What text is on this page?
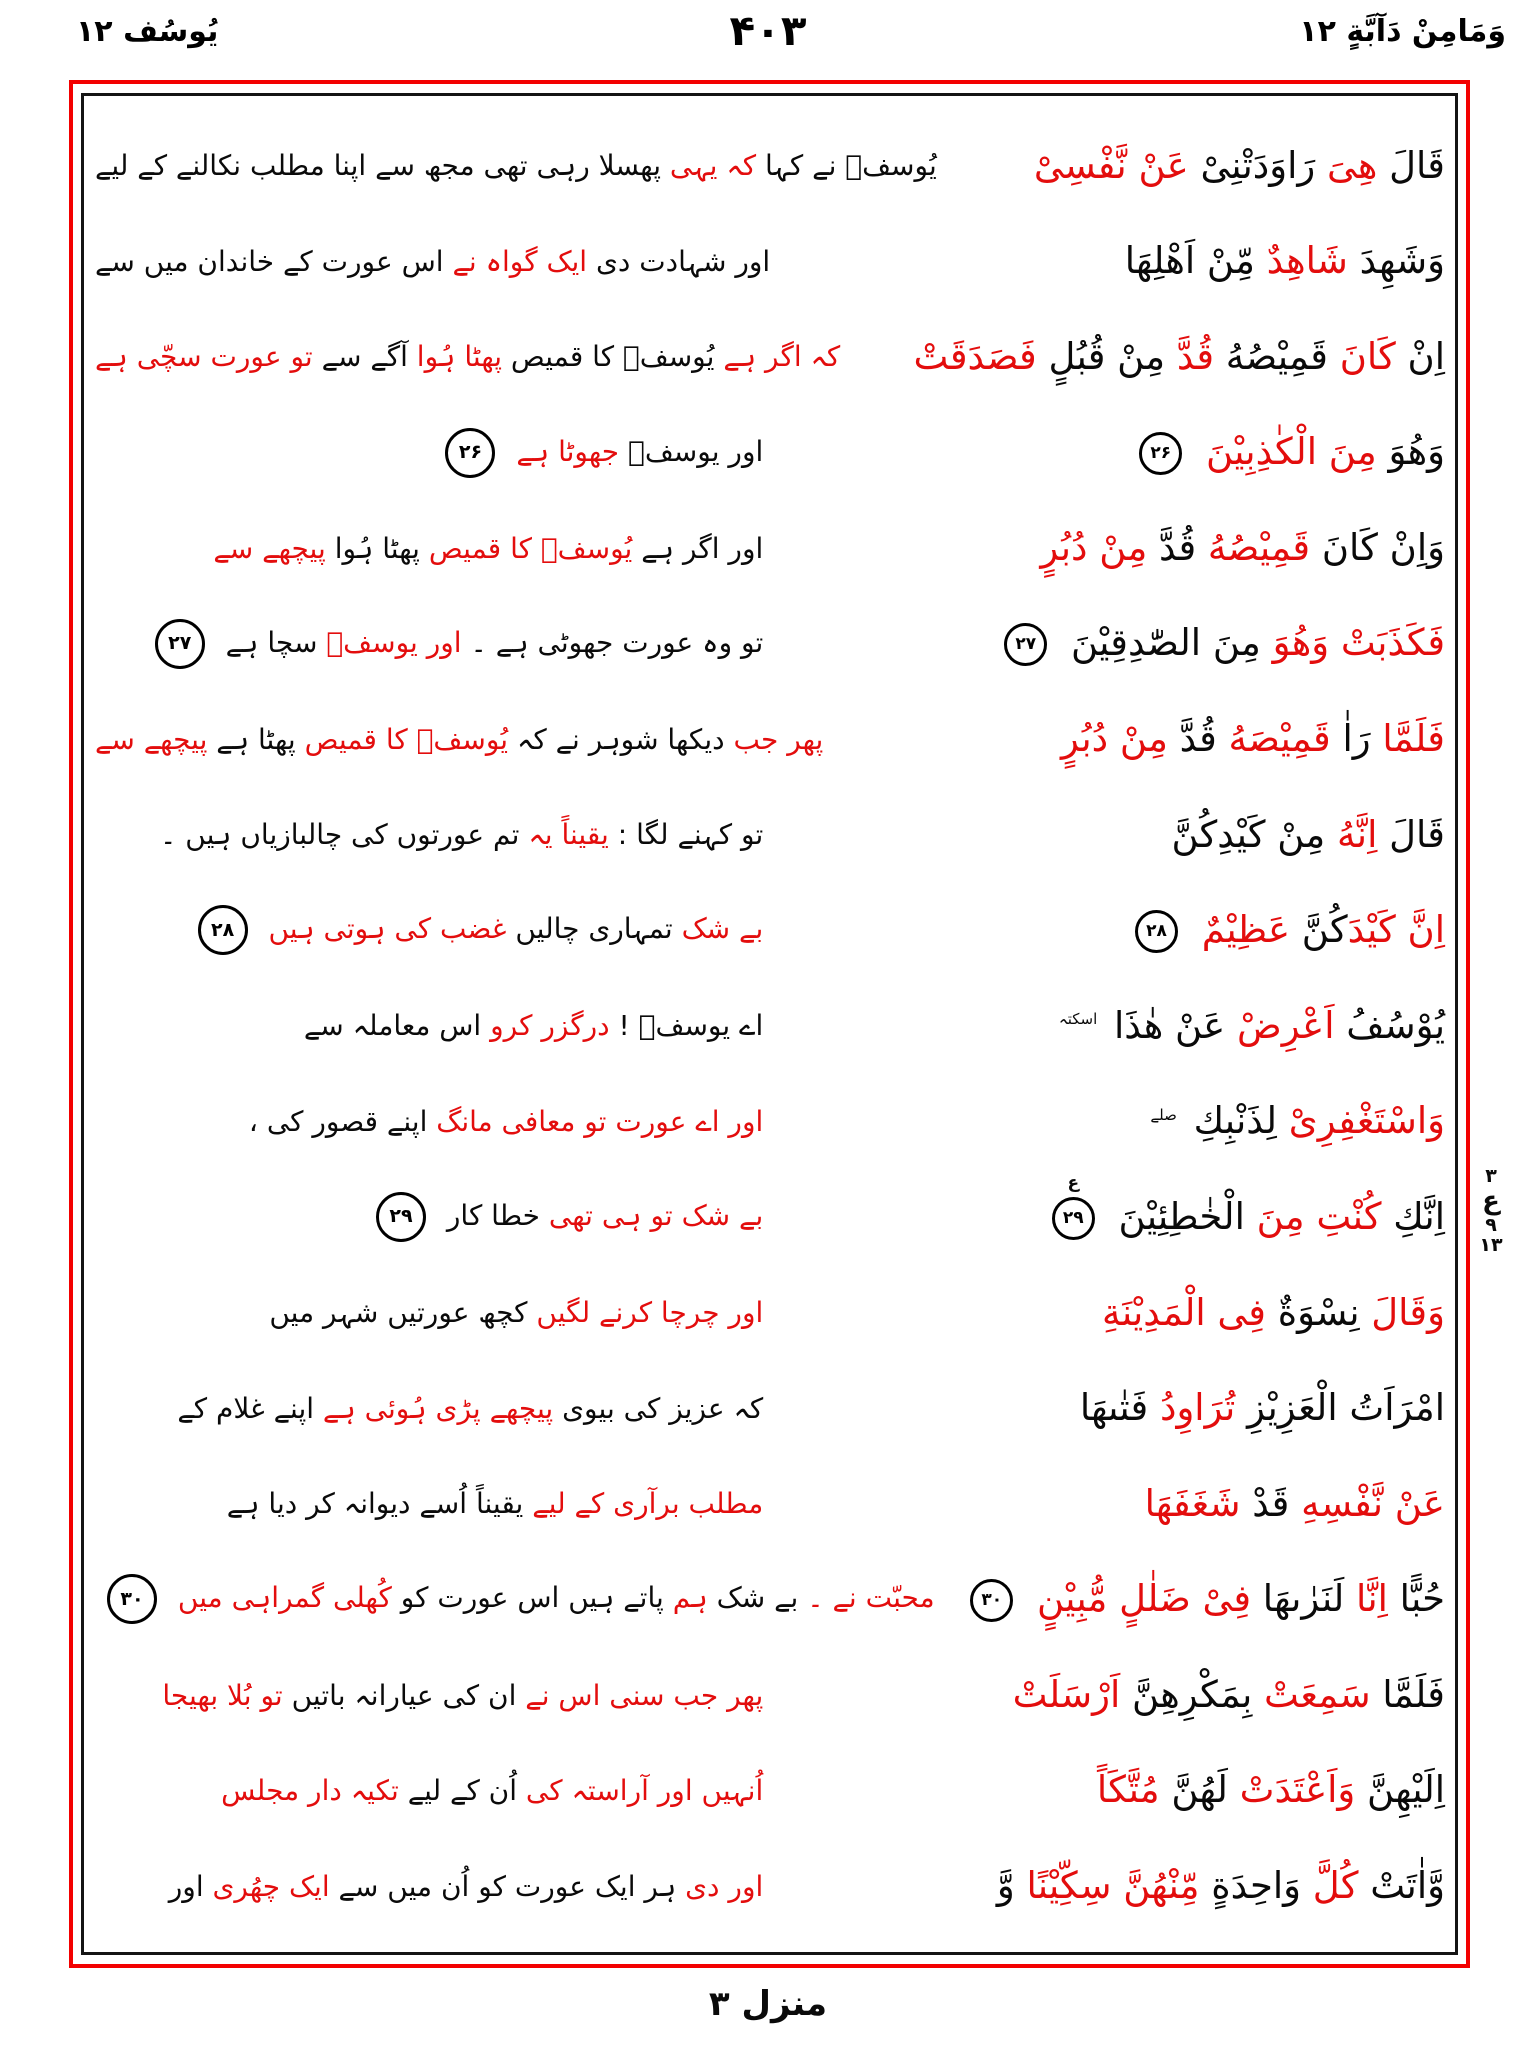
وَمَامِنْ دَآبَّةٍ ۱۲
۴۰۳
یُوسُف ۱۲
یُوسفؑ نے کہا کہ یہی پھسلا رہی تھی مجھ سے اپنا مطلب نکالنے کے لیے	قَالَ هِىَ رَاوَدَتْنِىْ عَنْ نَّفْسِىْ
اور شہادت دی ایک گواہ نے اس عورت کے خاندان میں سے	وَشَهِدَ شَاهِدٌ مِّنْ اَهْلِهَا
کہ اگر ہے یُوسفؑ کا قمیص پھٹا ہُوا آگے سے تو عورت سچّی ہے	اِنْ كَانَ قَمِيْصُهُ قُدَّ مِنْ قُبُلٍ فَصَدَقَتْ
اور یوسفؑ جھوٹا ہے ۲۶	وَهُوَ مِنَ الْكٰذِبِيْنَ ۲۶
اور اگر ہے یُوسفؑ کا قمیص پھٹا ہُوا پیچھے سے	وَاِنْ كَانَ قَمِيْصُهُ قُدَّ مِنْ دُبُرٍ
تو وہ عورت جھوٹی ہے ۔ اور یوسفؑ سچا ہے ۲۷	فَكَذَبَتْ وَهُوَ مِنَ الصّٰدِقِيْنَ ۲۷
پھر جب دیکھا شوہر نے کہ یُوسفؑ کا قمیص پھٹا ہے پیچھے سے	فَلَمَّا رَاٰ قَمِيْصَهُ قُدَّ مِنْ دُبُرٍ
تو کہنے لگا : یقیناً یہ تم عورتوں کی چالبازیاں ہیں ۔	قَالَ اِنَّهُ مِنْ كَيْدِكُنَّ
بے شک تمہاری چالیں غضب کی ہوتی ہیں ۲۸	اِنَّ كَيْدَكُنَّ عَظِيْمٌ ۲۸
اے یوسفؑ ! درگزر کرو اس معاملہ سے	يُوْسُفُ اَعْرِضْ عَنْ هٰذَا $^{اسکتہ}$
اور اے عورت تو معافی مانگ اپنے قصور کی ،	وَاسْتَغْفِرِىْ لِذَنْبِكِ $^{صلے}$
بے شک تو ہی تھی خطا کار ۲۹	اِنَّكِ كُنْتِ مِنَ الْخٰطِئِيْنَ ۲۹
ع
اور چرچا کرنے لگیں کچھ عورتیں شہر میں	وَقَالَ نِسْوَةٌ فِى الْمَدِيْنَةِ
کہ عزیز کی بیوی پیچھے پڑی ہُوئی ہے اپنے غلام کے	امْرَاَتُ الْعَزِيْزِ تُرَاوِدُ فَتٰىهَا
مطلب برآری کے لیے یقیناً اُسے دیوانہ کر دیا ہے	عَنْ نَّفْسِهِ قَدْ شَغَفَهَا
محبّت نے ۔ بے شک ہم پاتے ہیں اس عورت کو کُھلی گمراہی میں ۳۰	حُبًّا اِنَّا لَنَرٰىهَا فِىْ ضَلٰلٍ مُّبِيْنٍ ۳۰
پھر جب سنی اس نے ان کی عیارانہ باتیں تو بُلا بھیجا	فَلَمَّا سَمِعَتْ بِمَكْرِهِنَّ اَرْسَلَتْ
اُنہیں اور آراستہ کی اُن کے لیے تکیہ دار مجلس	اِلَيْهِنَّ وَاَعْتَدَتْ لَهُنَّ مُتَّكَاً
اور دی ہر ایک عورت کو اُن میں سے ایک چھُری اور	وَّاٰتَتْ كُلَّ وَاحِدَةٍ مِّنْهُنَّ سِكِّيْنًا وَّ
۳
ع
۹
۱۳
منزل ۳
